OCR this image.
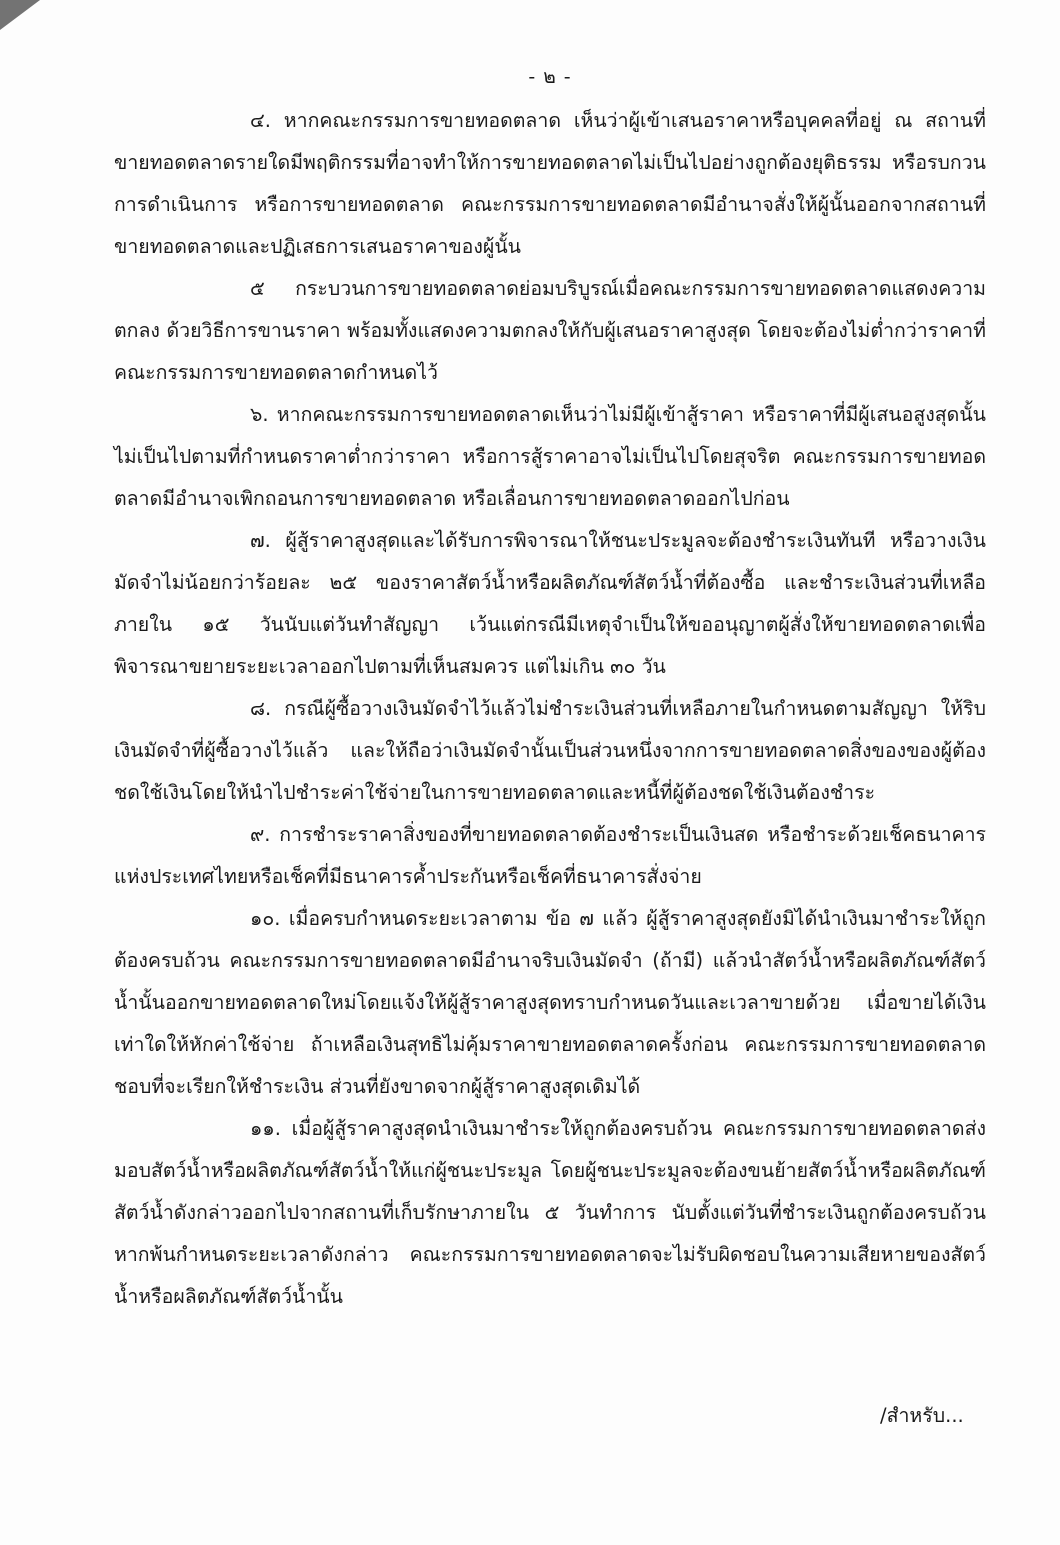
- ๒ -

๔. หากคณะกรรมการขายทอดตลาด เห็นว่าผู้เข้าเสนอราคาหรือบุคคลที่อยู่ ณ สถานที่ขายทอดตลาดรายใดมีพฤติกรรมที่อาจทำให้การขายทอดตลาดไม่เป็นไปอย่างถูกต้องยุติธรรม หรือรบกวนการดำเนินการ หรือการขายทอดตลาด คณะกรรมการขายทอดตลาดมีอำนาจสั่งให้ผู้นั้นออกจากสถานที่ขายทอดตลาดและปฏิเสธการเสนอราคาของผู้นั้น

๕ กระบวนการขายทอดตลาดย่อมบริบูรณ์เมื่อคณะกรรมการขายทอดตลาดแสดงความตกลง ด้วยวิธีการขานราคา พร้อมทั้งแสดงความตกลงให้กับผู้เสนอราคาสูงสุด โดยจะต้องไม่ต่ำกว่าราคาที่คณะกรรมการขายทอดตลาดกำหนดไว้

๖. หากคณะกรรมการขายทอดตลาดเห็นว่าไม่มีผู้เข้าสู้ราคา หรือราคาที่มีผู้เสนอสูงสุดนั้นไม่เป็นไปตามที่กำหนดราคาต่ำกว่าราคา หรือการสู้ราคาอาจไม่เป็นไปโดยสุจริต คณะกรรมการขายทอดตลาดมีอำนาจเพิกถอนการขายทอดตลาด หรือเลื่อนการขายทอดตลาดออกไปก่อน

๗. ผู้สู้ราคาสูงสุดและได้รับการพิจารณาให้ชนะประมูลจะต้องชำระเงินทันที หรือวางเงินมัดจำไม่น้อยกว่าร้อยละ ๒๕ ของราคาสัตว์น้ำหรือผลิตภัณฑ์สัตว์น้ำที่ต้องซื้อ และชำระเงินส่วนที่เหลือภายใน ๑๕ วันนับแต่วันทำสัญญา เว้นแต่กรณีมีเหตุจำเป็นให้ขออนุญาตผู้สั่งให้ขายทอดตลาดเพื่อพิจารณาขยายระยะเวลาออกไปตามที่เห็นสมควร แต่ไม่เกิน ๓๐ วัน

๘. กรณีผู้ซื้อวางเงินมัดจำไว้แล้วไม่ชำระเงินส่วนที่เหลือภายในกำหนดตามสัญญา ให้ริบเงินมัดจำที่ผู้ซื้อวางไว้แล้ว และให้ถือว่าเงินมัดจำนั้นเป็นส่วนหนึ่งจากการขายทอดตลาดสิ่งของของผู้ต้องชดใช้เงินโดยให้นำไปชำระค่าใช้จ่ายในการขายทอดตลาดและหนี้ที่ผู้ต้องชดใช้เงินต้องชำระ

๙. การชำระราคาสิ่งของที่ขายทอดตลาดต้องชำระเป็นเงินสด หรือชำระด้วยเช็คธนาคารแห่งประเทศไทยหรือเช็คที่มีธนาคารค้ำประกันหรือเช็คที่ธนาคารสั่งจ่าย

๑๐. เมื่อครบกำหนดระยะเวลาตาม ข้อ ๗ แล้ว ผู้สู้ราคาสูงสุดยังมิได้นำเงินมาชำระให้ถูกต้องครบถ้วน คณะกรรมการขายทอดตลาดมีอำนาจริบเงินมัดจำ (ถ้ามี) แล้วนำสัตว์น้ำหรือผลิตภัณฑ์สัตว์น้ำนั้นออกขายทอดตลาดใหม่โดยแจ้งให้ผู้สู้ราคาสูงสุดทราบกำหนดวันและเวลาขายด้วย เมื่อขายได้เงินเท่าใดให้หักค่าใช้จ่าย ถ้าเหลือเงินสุทธิไม่คุ้มราคาขายทอดตลาดครั้งก่อน คณะกรรมการขายทอดตลาดชอบที่จะเรียกให้ชำระเงิน ส่วนที่ยังขาดจากผู้สู้ราคาสูงสุดเดิมได้

๑๑. เมื่อผู้สู้ราคาสูงสุดนำเงินมาชำระให้ถูกต้องครบถ้วน คณะกรรมการขายทอดตลาดส่งมอบสัตว์น้ำหรือผลิตภัณฑ์สัตว์น้ำให้แก่ผู้ชนะประมูล โดยผู้ชนะประมูลจะต้องขนย้ายสัตว์น้ำหรือผลิตภัณฑ์สัตว์น้ำดังกล่าวออกไปจากสถานที่เก็บรักษาภายใน ๕ วันทำการ นับตั้งแต่วันที่ชำระเงินถูกต้องครบถ้วนหากพ้นกำหนดระยะเวลาดังกล่าว คณะกรรมการขายทอดตลาดจะไม่รับผิดชอบในความเสียหายของสัตว์น้ำหรือผลิตภัณฑ์สัตว์น้ำนั้น

/สำหรับ...
